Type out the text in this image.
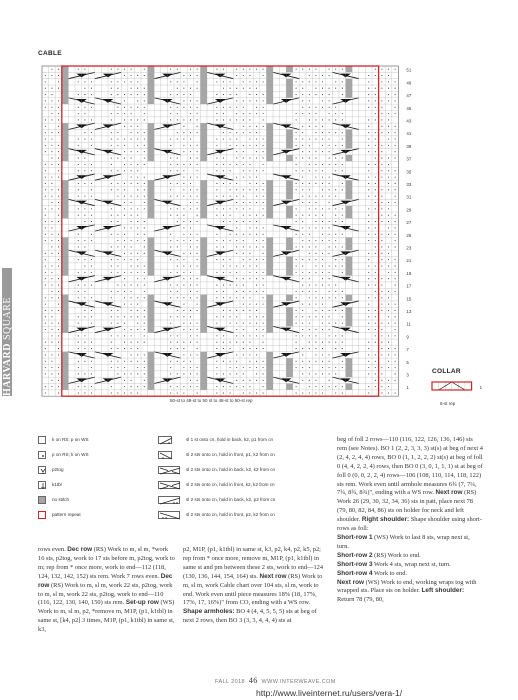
HARVARD SQUARE
CABLE
51
49
47
45
43
41
39
37
35
33
31
29
27
25
23
21
19
17
15
13
11
9
7
5
3
1
50-st to 48-st to 50 st to 48-st to 50-st rep
COLLAR
1
6-st rep
k on RS; p on WS
p on RS; k on WS
p2tog
k1tbl
no stitch
pattern repeat
sl 1 st onto cn, hold in back, k2, p1 from cn
sl 2 sts onto cn, hold in front, p1, k2 from cn
sl 2 sts onto cn, hold in back, k2, k2 from cn
sl 2 sts onto cn, hold in front, k2, k2 from cn
sl 2 sts onto cn, hold in back, k2, p2 from cn
sl 2 sts onto cn, hold in front, p2, k2 from cn

rows even. Dec row (RS) Work to m, sl m, *work 16 sts, p2tog, work to 17 sts before m, p2tog, work to m; rep from * once more, work to end—112 (118, 124, 132, 142, 152) sts rem. Work 7 rows even. Dec row (RS) Work to m, sl m, work 22 sts, p2tog, work to m, sl m, work 22 sts, p2tog, work to end—110 (116, 122, 130, 140, 150) sts rem. Set-up row (WS) Work to m, sl m, p2, *remove m, M1P, (p1, k1tbl) in same st, [k4, p2] 3 times, M1P, (p1, k1tbl) in same st, k3,

p2, M1P, (p1, k1tbl) in same st, k3, p2, k4, p2, k5, p2; rep from * once more, remove m, M1P, (p1, k1tbl) in same st and pm between these 2 sts, work to end—124 (130, 136, 144, 154, 164) sts. Next row (RS) Work to m, sl m, work Cable chart over 104 sts, sl m, work to end. Work even until piece measures 18% (18, 17%, 17%, 17, 16%)" from CO, ending with a WS row. Shape armholes: BO 4 (4, 4, 5, 5, 5) sts at beg of next 2 rows, then BO 3 (3, 3, 4, 4, 4) sts at

beg of foll 2 rows—110 (116, 122, 126, 136, 146) sts rem (see Notes). BO 1 (2, 2, 3, 3, 3) st(s) at beg of next 4 (2, 4, 2, 4, 4) rows, BO 0 (1, 1, 2, 2, 2) st(s) at beg of foll 0 (4, 4, 2, 2, 4) rows, then BO 0 (3, 0, 1, 1, 1) st at beg of foll 0 (0, 0, 2, 2, 4) rows—106 (108, 110, 114, 118, 122) sts rem. Work even until armhole measures 6¾ (7, 7¼, 7¾, 8¾, 8¾)", ending with a WS row. Next row (RS) Work 26 (29, 30, 32, 34, 36) sts in patt, place next 78 (79, 80, 82, 84, 86) sts on holder for neck and left shoulder. Right shoulder: Shape shoulder using short-rows as foll:

Short-row 1 (WS) Work to last 8 sts, wrap next st, turn.

Short-row 2 (RS) Work to end.

Short-row 3 Work 4 sts, wrap next st, turn.

Short-row 4 Work to end.

Next row (WS) Work to end, working wraps tog with wrapped sts. Place sts on holder. Left shoulder: Return 78 (79, 80,

FALL 2018 46 WWW.INTERWEAVE.COM
http://www.liveinternet.ru/users/vera-1/
